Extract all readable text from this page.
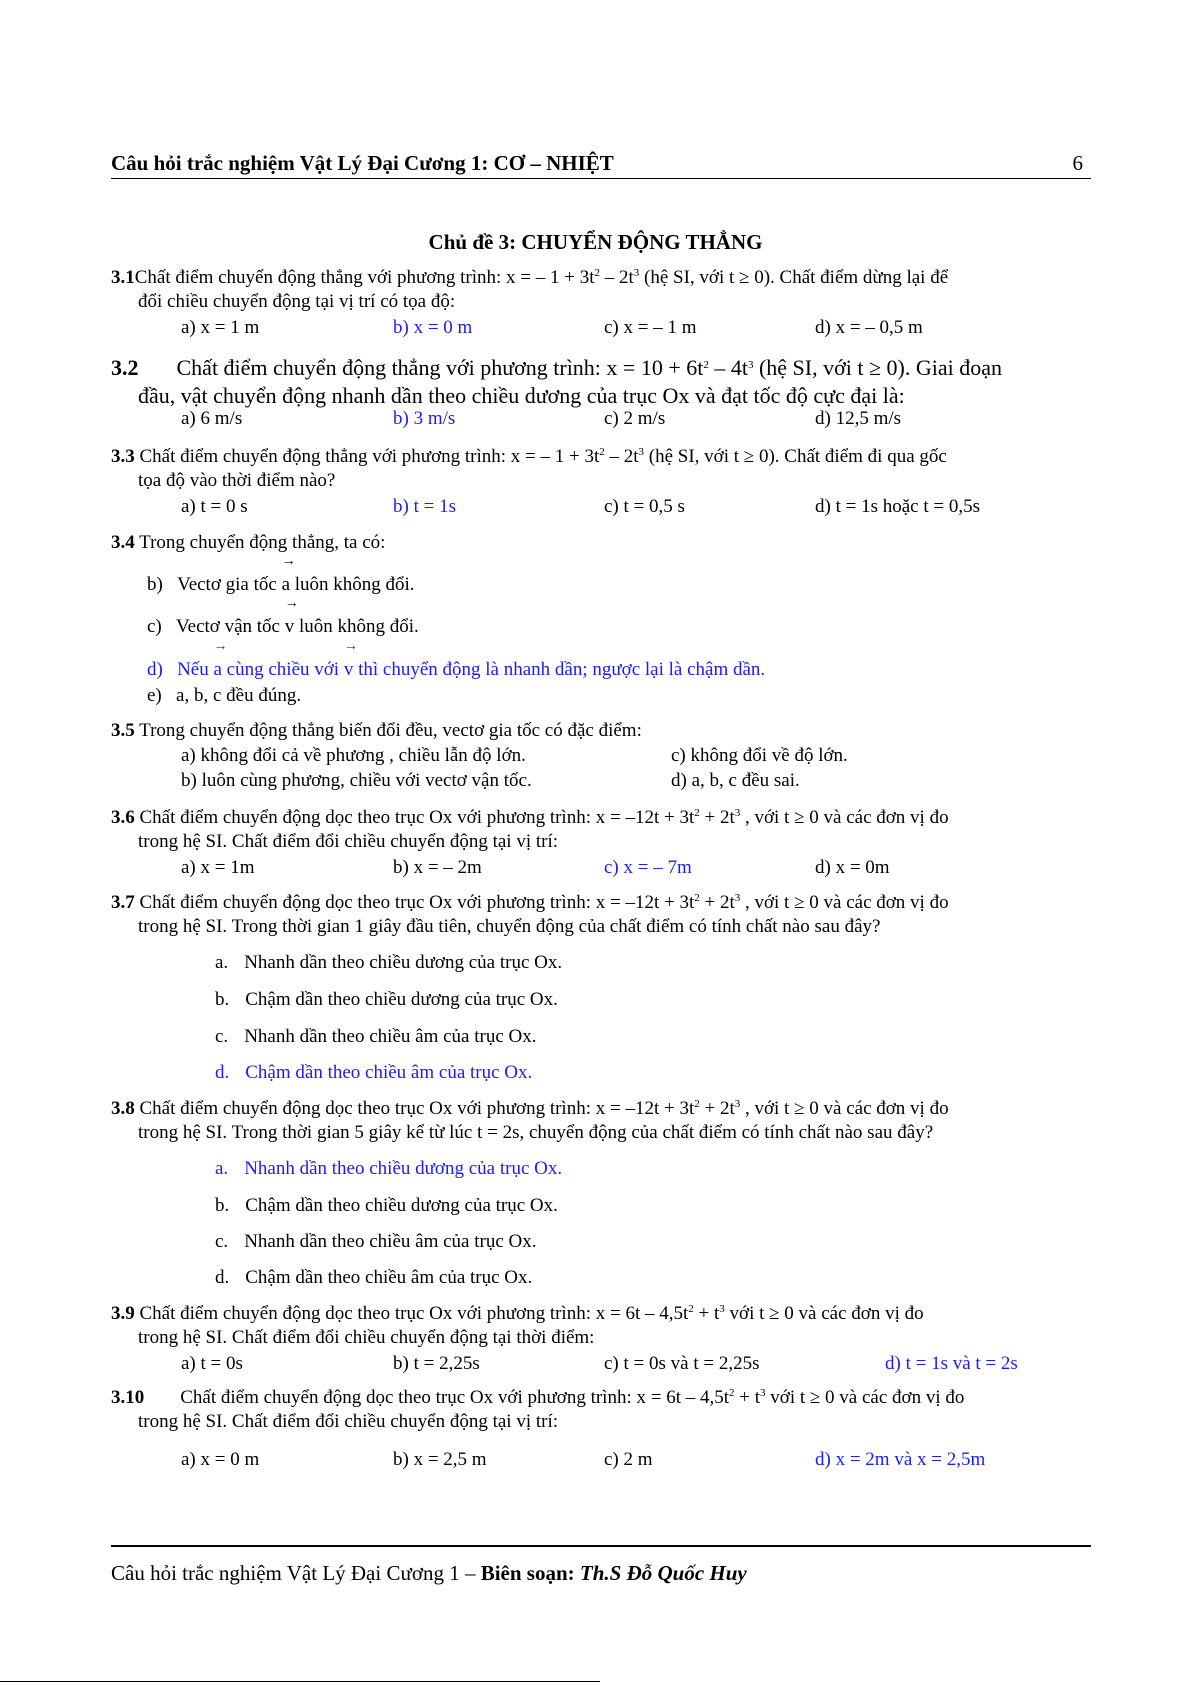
Câu hỏi trắc nghiệm Vật Lý Đại Cương 1: CƠ – NHIỆT	6
Chủ đề 3: CHUYỂN ĐỘNG THẲNG
3.1Chất điểm chuyển động thẳng với phương trình: x = – $1 + 3t^2 - 2t^3$ (hệ SI, với t ≥ 0). Chất điểm dừng lại để
đổi chiều chuyển động tại vị trí có tọa độ:
a) x = 1 m	b) x = 0 m	c) x = – 1 m	d) x = – 0,5 m
3.2 Chất điểm chuyển động thẳng với phương trình: $x = 10 + 6t^2 - 4t^3$ (hệ SI, với t ≥ 0). Giai đoạn
đầu, vật chuyển động nhanh dần theo chiều dương của trục Ox và đạt tốc độ cực đại là:
a) 6 m/s	b) 3 m/s	c) 2 m/s	d) 12,5 m/s
3.3 Chất điểm chuyển động thẳng với phương trình: x = – $1 + 3t^2 - 2t^3$ (hệ SI, với t ≥ 0). Chất điểm đi qua gốc
tọa độ vào thời điểm nào?
a) t = 0 s	b) t = 1s	c) t = 0,5 s	d) t = 1s hoặc t = 0,5s
3.4 Trong chuyển động thẳng, ta có:
b) Vectơ gia tốc
→
a luôn không đổi.
c) Vectơ vận tốc
→
v luôn không đổi.
d) Nếu
→
a cùng chiều với
→
v thì chuyển động là nhanh dần; ngược lại là chậm dần.
e) a, b, c đều đúng.
3.5 Trong chuyển động thẳng biến đổi đều, vectơ gia tốc có đặc điểm:
a) không đổi cả về phương , chiều lẫn độ lớn.	c) không đổi về độ lớn.
b) luôn cùng phương, chiều với vectơ vận tốc.	d) a, b, c đều sai.
3.6 Chất điểm chuyển động dọc theo trục Ox với phương trình: $x = -12t + 3t^2 + 2t^3$ , với t ≥ 0 và các đơn vị đo
trong hệ SI. Chất điểm đổi chiều chuyển động tại vị trí:
a) x = 1m	b) x = – 2m	c) x = – 7m	d) x = 0m
3.7 Chất điểm chuyển động dọc theo trục Ox với phương trình: $x = -12t + 3t^2 + 2t^3$ , với t ≥ 0 và các đơn vị đo
trong hệ SI. Trong thời gian 1 giây đầu tiên, chuyển động của chất điểm có tính chất nào sau đây?
a. Nhanh dần theo chiều dương của trục Ox.
b. Chậm dần theo chiều dương của trục Ox.
c. Nhanh dần theo chiều âm của trục Ox.
d. Chậm dần theo chiều âm của trục Ox.
3.8 Chất điểm chuyển động dọc theo trục Ox với phương trình: $x = -12t + 3t^2 + 2t^3$ , với t ≥ 0 và các đơn vị đo
trong hệ SI. Trong thời gian 5 giây kể từ lúc t = 2s, chuyển động của chất điểm có tính chất nào sau đây?
a. Nhanh dần theo chiều dương của trục Ox.
b. Chậm dần theo chiều dương của trục Ox.
c. Nhanh dần theo chiều âm của trục Ox.
d. Chậm dần theo chiều âm của trục Ox.
3.9 Chất điểm chuyển động dọc theo trục Ox với phương trình: $x = 6t - 4,5t^2 + t^3$ với t ≥ 0 và các đơn vị đo
trong hệ SI. Chất điểm đổi chiều chuyển động tại thời điểm:
a) t = 0s	b) t = 2,25s	c) t = 0s và t = 2,25s	d) t = 1s và t = 2s
3.10 Chất điểm chuyển động dọc theo trục Ox với phương trình: $x = 6t - 4,5t^2 + t^3$ với t ≥ 0 và các đơn vị đo
trong hệ SI. Chất điểm đổi chiều chuyển động tại vị trí:
a) x = 0 m	b) x = 2,5 m	c) 2 m	d) x = 2m và x = 2,5m
Câu hỏi trắc nghiệm Vật Lý Đại Cương 1 – Biên soạn: Th.S Đỗ Quốc Huy
